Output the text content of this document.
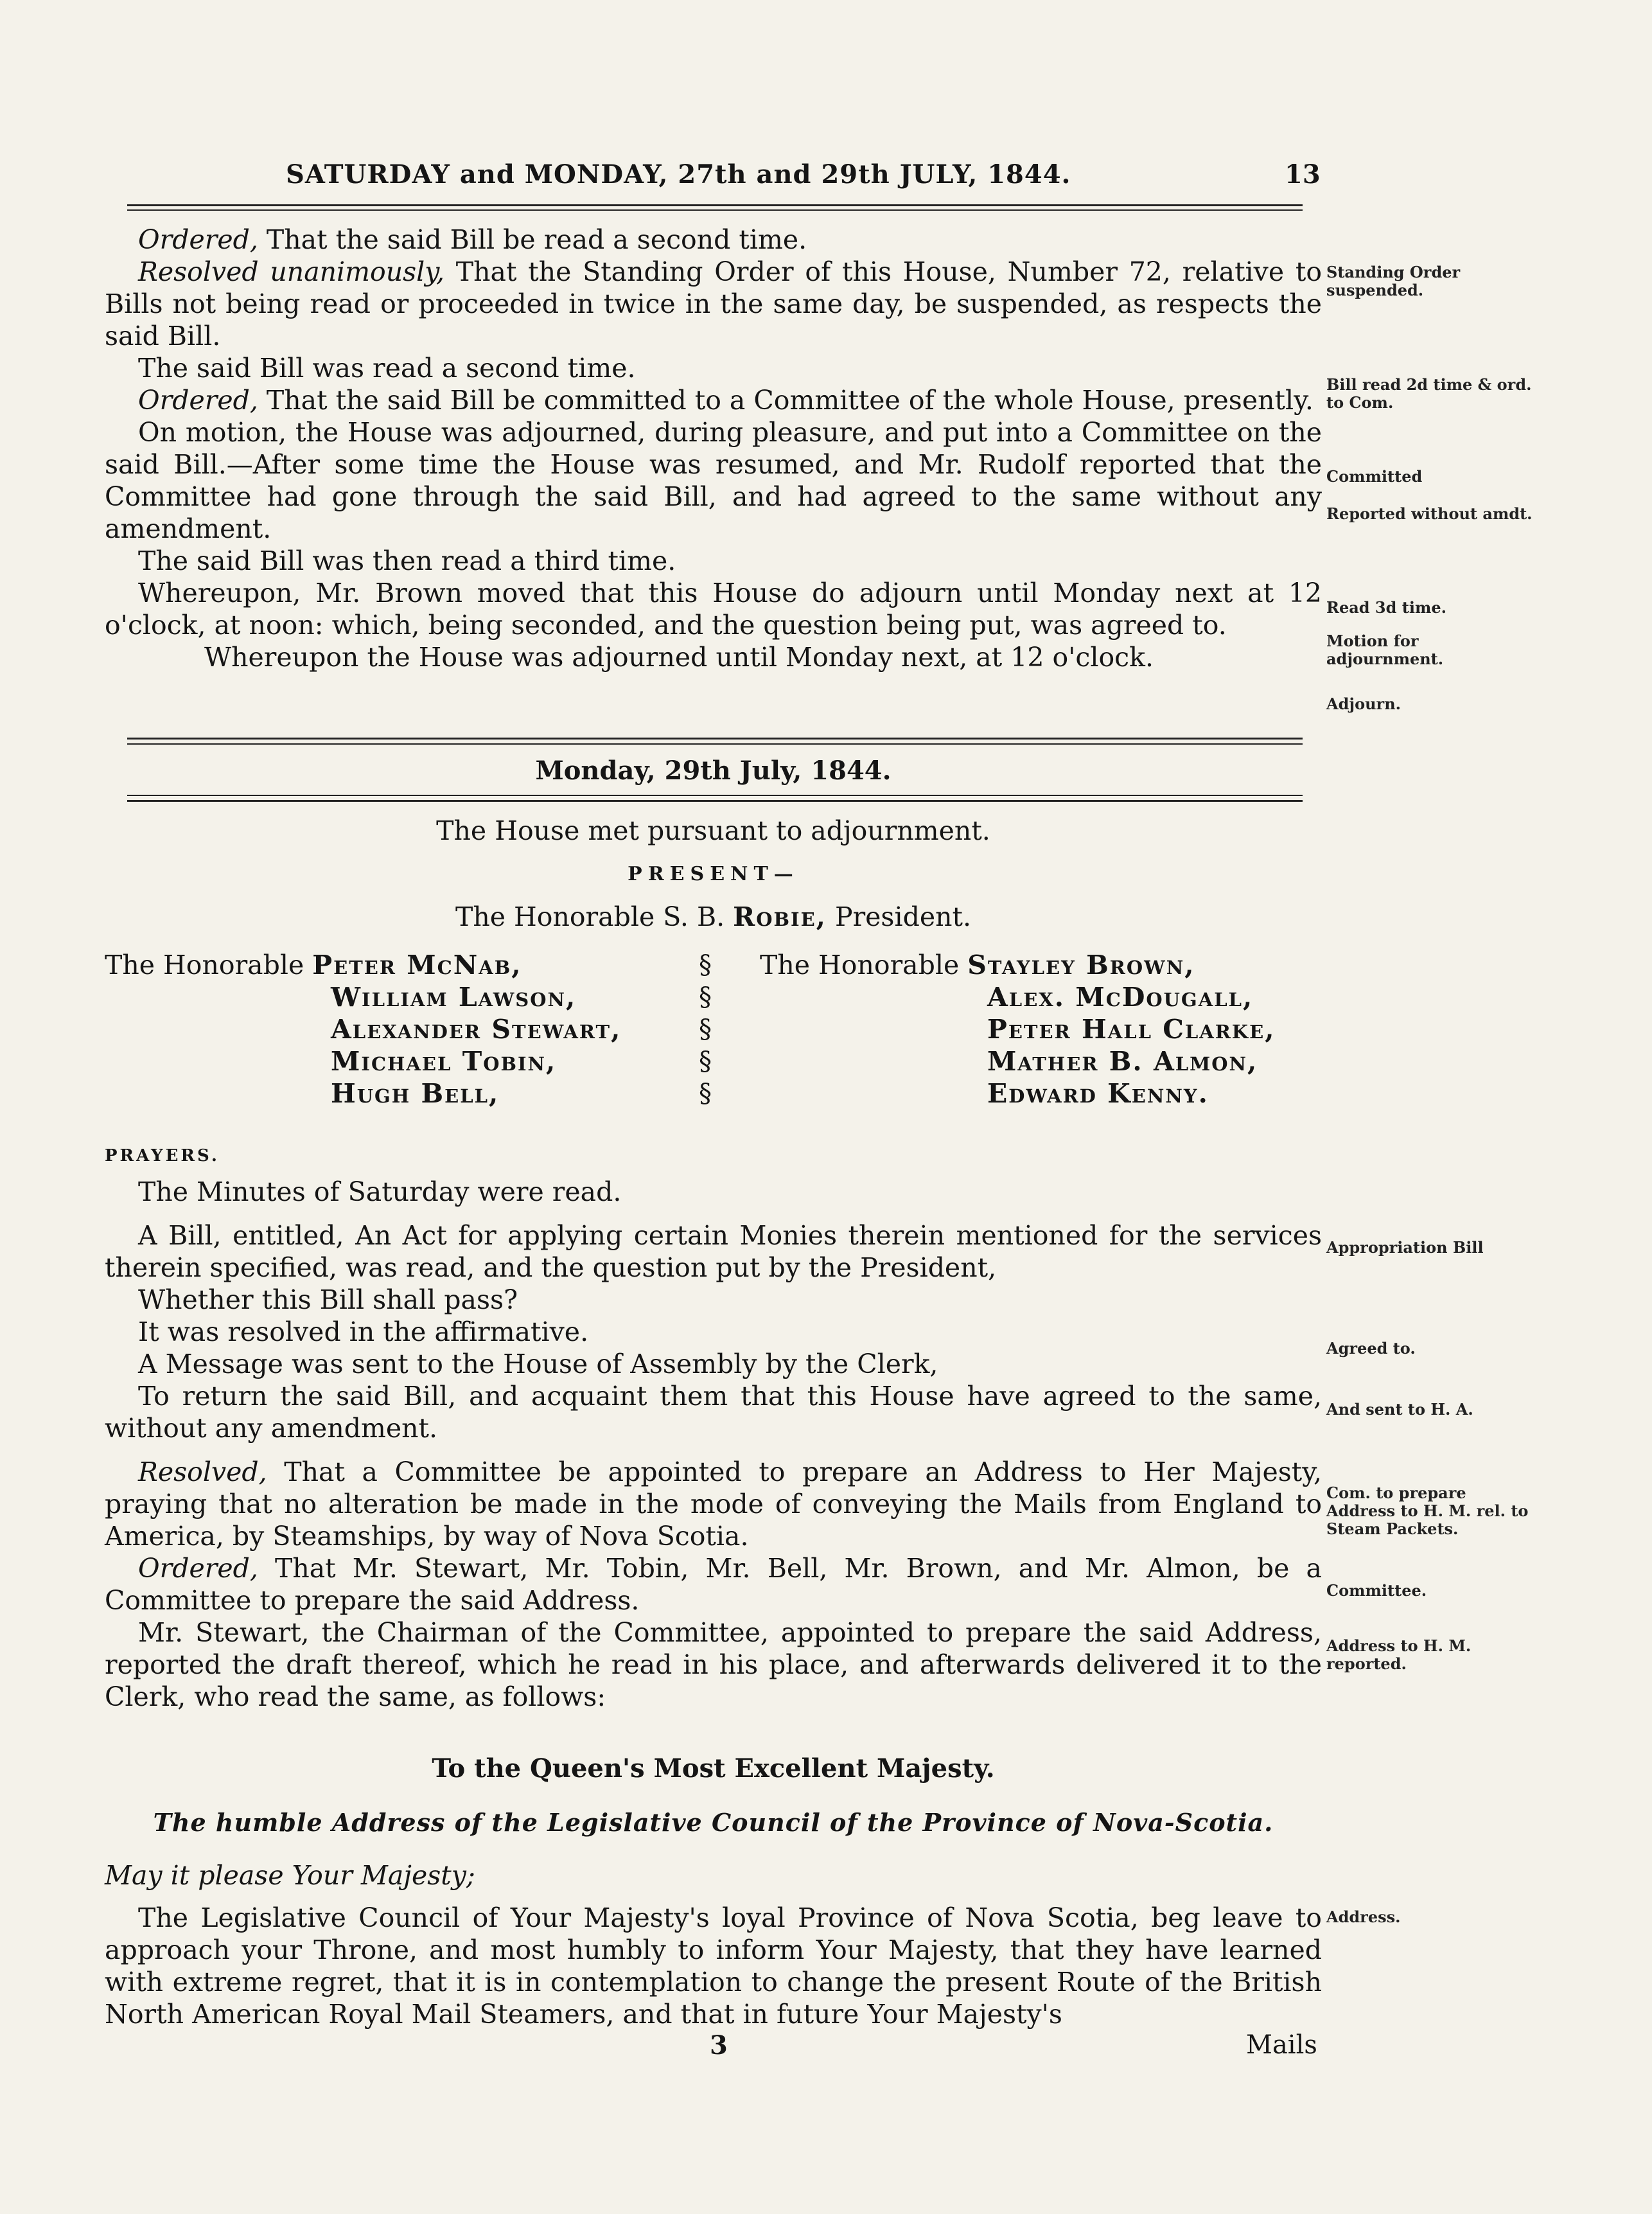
SATURDAY and MONDAY, 27th and 29th JULY, 1844.	13

Ordered, That the said Bill be read a second time.

Resolved unanimously, That the Standing Order of this House, Number 72, relative to Bills not being read or proceeded in twice in the same day, be suspended, as respects the said Bill.

The said Bill was read a second time.

Ordered, That the said Bill be committed to a Committee of the whole House, presently.

On motion, the House was adjourned, during pleasure, and put into a Committee on the said Bill.—After some time the House was resumed, and Mr. Rudolf reported that the Committee had gone through the said Bill, and had agreed to the same without any amendment.

The said Bill was then read a third time.

Whereupon, Mr. Brown moved that this House do adjourn until Monday next at 12 o'clock, at noon: which, being seconded, and the question being put, was agreed to.

Whereupon the House was adjourned until Monday next, at 12 o'clock.

Standing Order suspended.
Bill read 2d time & ord. to Com.
Committed
Reported without amdt.
Read 3d time.
Motion for adjournment.
Adjourn.
Monday, 29th July, 1844.
The House met pursuant to adjournment.
PRESENT—
The Honorable S. B. Robie, President.
The Honorable Peter McNab,
William Lawson,
Alexander Stewart,
Michael Tobin,
Hugh Bell,
§
§
§
§
§
The Honorable Stayley Brown,
Alex. McDougall,
Peter Hall Clarke,
Mather B. Almon,
Edward Kenny.
PRAYERS.

The Minutes of Saturday were read.

A Bill, entitled, An Act for applying certain Monies therein mentioned for the services therein specified, was read, and the question put by the President,

Whether this Bill shall pass?

It was resolved in the affirmative.

A Message was sent to the House of Assembly by the Clerk,

To return the said Bill, and acquaint them that this House have agreed to the same, without any amendment.

Resolved, That a Committee be appointed to prepare an Address to Her Majesty, praying that no alteration be made in the mode of conveying the Mails from England to America, by Steamships, by way of Nova Scotia.

Ordered, That Mr. Stewart, Mr. Tobin, Mr. Bell, Mr. Brown, and Mr. Almon, be a Committee to prepare the said Address.

Mr. Stewart, the Chairman of the Committee, appointed to prepare the said Address, reported the draft thereof, which he read in his place, and afterwards delivered it to the Clerk, who read the same, as follows:

Appropriation Bill
Agreed to.
And sent to H. A.
Com. to prepare Address to H. M. rel. to Steam Packets.
Committee.
Address to H. M. reported.
To the Queen's Most Excellent Majesty.
The humble Address of the Legislative Council of the Province of Nova-Scotia.
May it please Your Majesty;

The Legislative Council of Your Majesty's loyal Province of Nova Scotia, beg leave to approach your Throne, and most humbly to inform Your Majesty, that they have learned with extreme regret, that it is in contemplation to change the present Route of the British North American Royal Mail Steamers, and that in future Your Majesty's

Address.
3	Mails
